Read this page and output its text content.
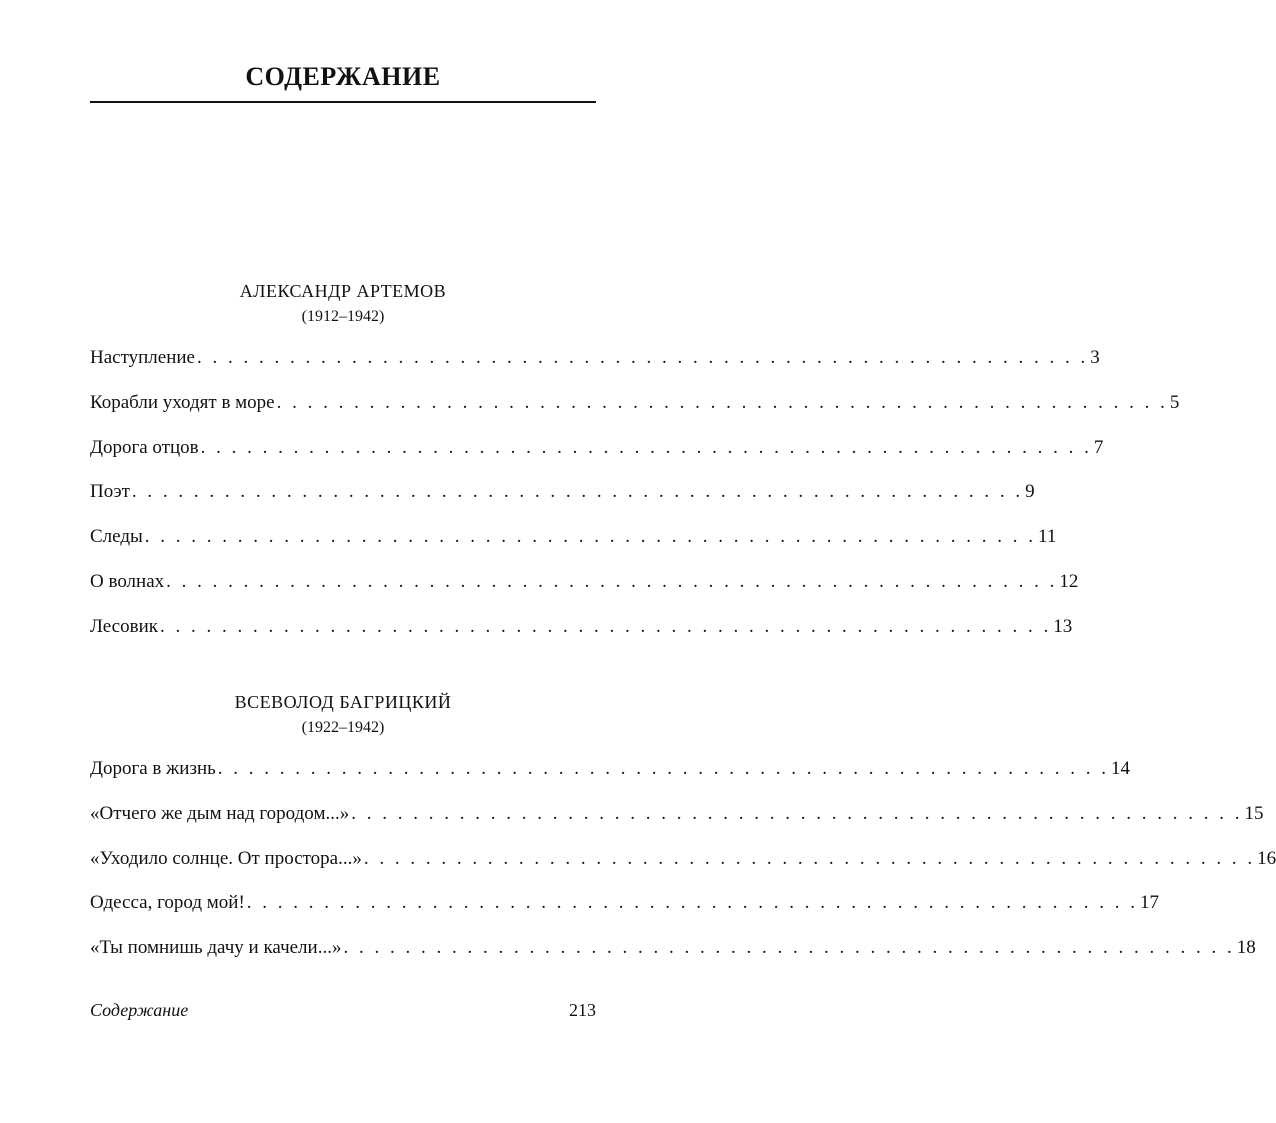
СОДЕРЖАНИЕ
АЛЕКСАНДР АРТЕМОВ
(1912–1942)
Наступление . . . . . . . . . . . . . . . . . . . . . . . . . . . . . . . . . . . . . . . . . . . . . . . . . . . . . . . . . . 3
Корабли уходят в море . . . . . . . . . . . . . . . . . . . . . . . . . . . . . . . . . . . . . . . . . . . . . . . . . . . . . . . . . . 5
Дорога отцов . . . . . . . . . . . . . . . . . . . . . . . . . . . . . . . . . . . . . . . . . . . . . . . . . . . . . . . . . . 7
Поэт . . . . . . . . . . . . . . . . . . . . . . . . . . . . . . . . . . . . . . . . . . . . . . . . . . . . . . . . . . 9
Следы . . . . . . . . . . . . . . . . . . . . . . . . . . . . . . . . . . . . . . . . . . . . . . . . . . . . . . . . . . 11
О волнах . . . . . . . . . . . . . . . . . . . . . . . . . . . . . . . . . . . . . . . . . . . . . . . . . . . . . . . . . . 12
Лесовик . . . . . . . . . . . . . . . . . . . . . . . . . . . . . . . . . . . . . . . . . . . . . . . . . . . . . . . . . . 13
ВСЕВОЛОД БАГРИЦКИЙ
(1922–1942)
Дорога в жизнь . . . . . . . . . . . . . . . . . . . . . . . . . . . . . . . . . . . . . . . . . . . . . . . . . . . . . . . . . . 14
«Отчего же дым над городом...» . . . . . . . . . . . . . . . . . . . . . . . . . . . . . . . . . . . . . . . . . . . . . . . . . . . . . . . . . . 15
«Уходило солнце. От простора...» . . . . . . . . . . . . . . . . . . . . . . . . . . . . . . . . . . . . . . . . . . . . . . . . . . . . . . . . . . 16
Одесса, город мой! . . . . . . . . . . . . . . . . . . . . . . . . . . . . . . . . . . . . . . . . . . . . . . . . . . . . . . . . . . 17
«Ты помнишь дачу и качели...» . . . . . . . . . . . . . . . . . . . . . . . . . . . . . . . . . . . . . . . . . . . . . . . . . . . . . . . . . . 18
Содержание	213
